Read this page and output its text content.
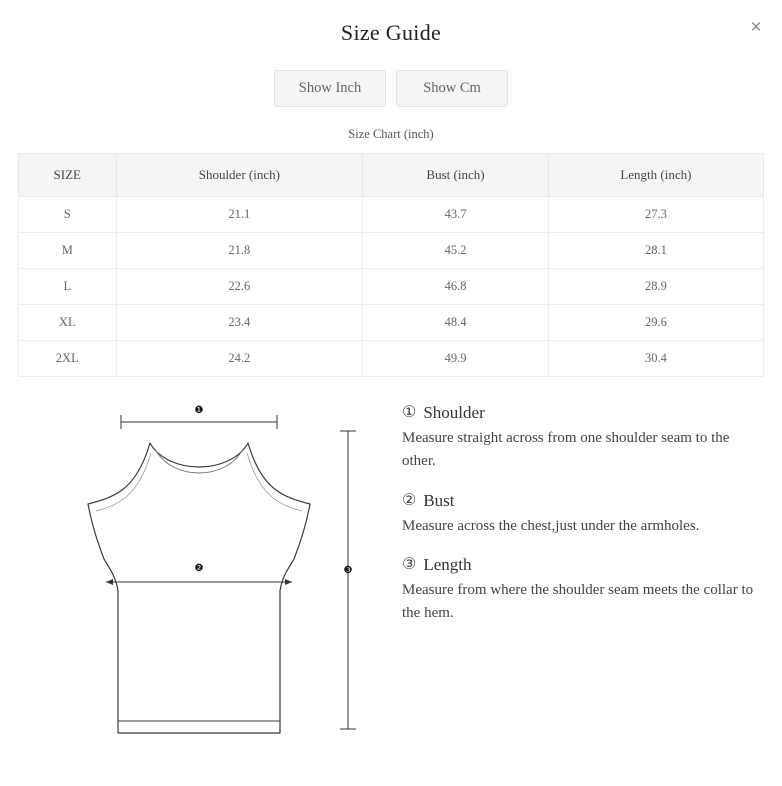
×
Size Guide
Show Inch	Show Cm
Size Chart (inch)
SIZE	Shoulder (inch)	Bust (inch)	Length (inch)
S	21.1	43.7	27.3
M	21.8	45.2	28.1
L	22.6	46.8	28.9
XL	23.4	48.4	29.6
2XL	24.2	49.9	30.4
❶
❷	❸
① Shoulder

Measure straight across from one shoulder seam to the other.

② Bust

Measure across the chest,just under the armholes.

③ Length

Measure from where the shoulder seam meets the collar to the hem.
